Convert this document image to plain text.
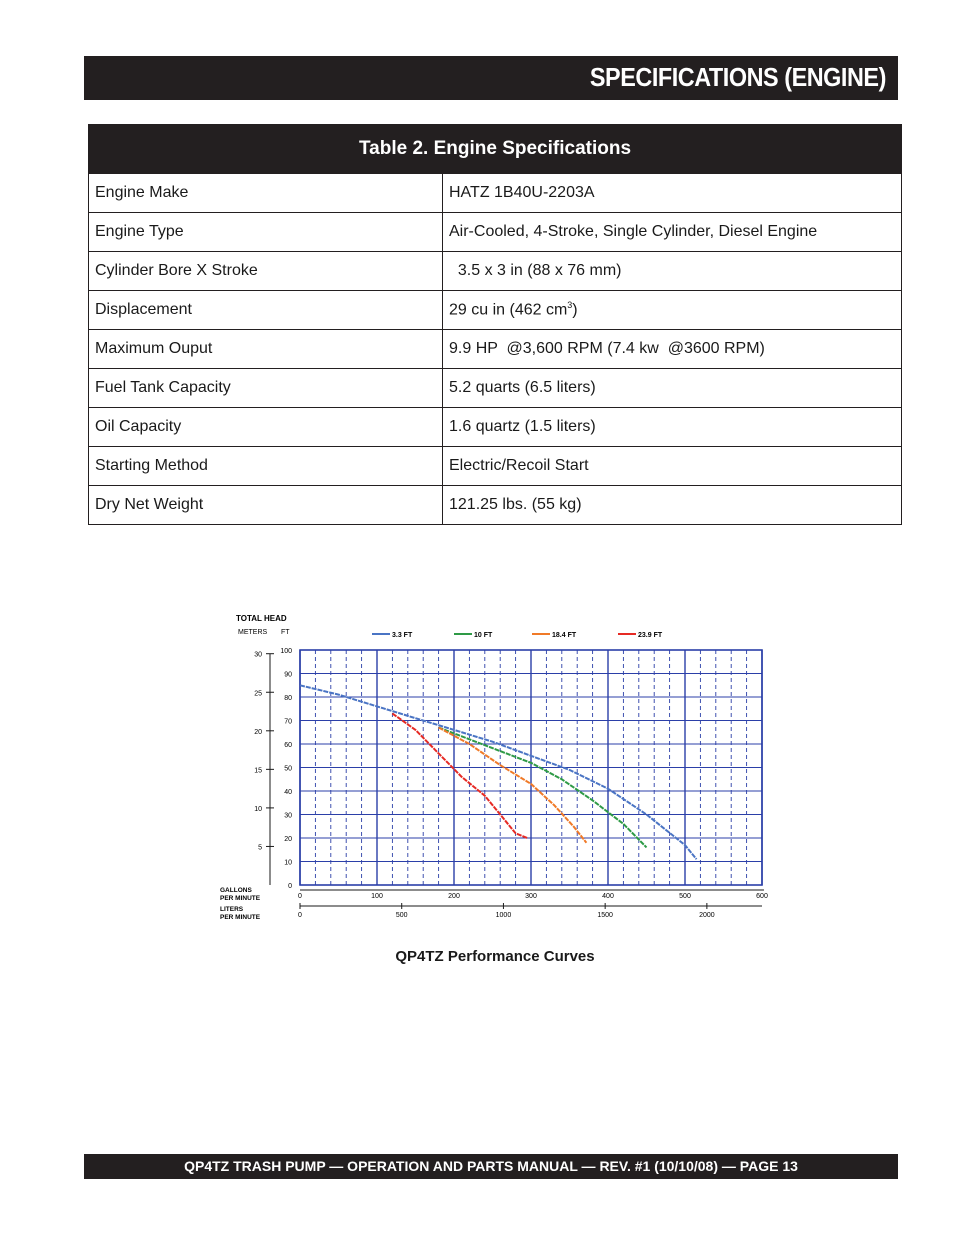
SPECIFICATIONS (ENGINE)
Table 2. Engine Specifications	
Engine Make	HATZ 1B40U-2203A
Engine Type	Air-Cooled, 4-Stroke, Single Cylinder, Diesel Engine
Cylinder Bore X Stroke	3.5 x 3 in (88 x 76 mm)
Displacement	29 cu in (462 $cm^3$)
Maximum Ouput	9.9 HP  @3,600 RPM (7.4 kw  @3600 RPM)
Fuel Tank Capacity	5.2 quarts (6.5 liters)
Oil Capacity	1.6 quartz (1.5 liters)
Starting Method	Electric/Recoil Start
Dry Net Weight	121.25 lbs. (55 kg)
TOTAL HEAD
METERS FT
0
10
20
30
40
50
60
70
80
90
100
5
10
15
20
25
30
0	100	200	300	400	500	600
0	500	1000	1500	2000
GALLONS
PER MINUTE
LITERS
PER MINUTE
3.3 FT	10 FT	18.4 FT	23.9 FT
QP4TZ Performance Curves
QP4TZ TRASH PUMP — OPERATION AND PARTS MANUAL — REV. #1 (10/10/08) — PAGE 13
